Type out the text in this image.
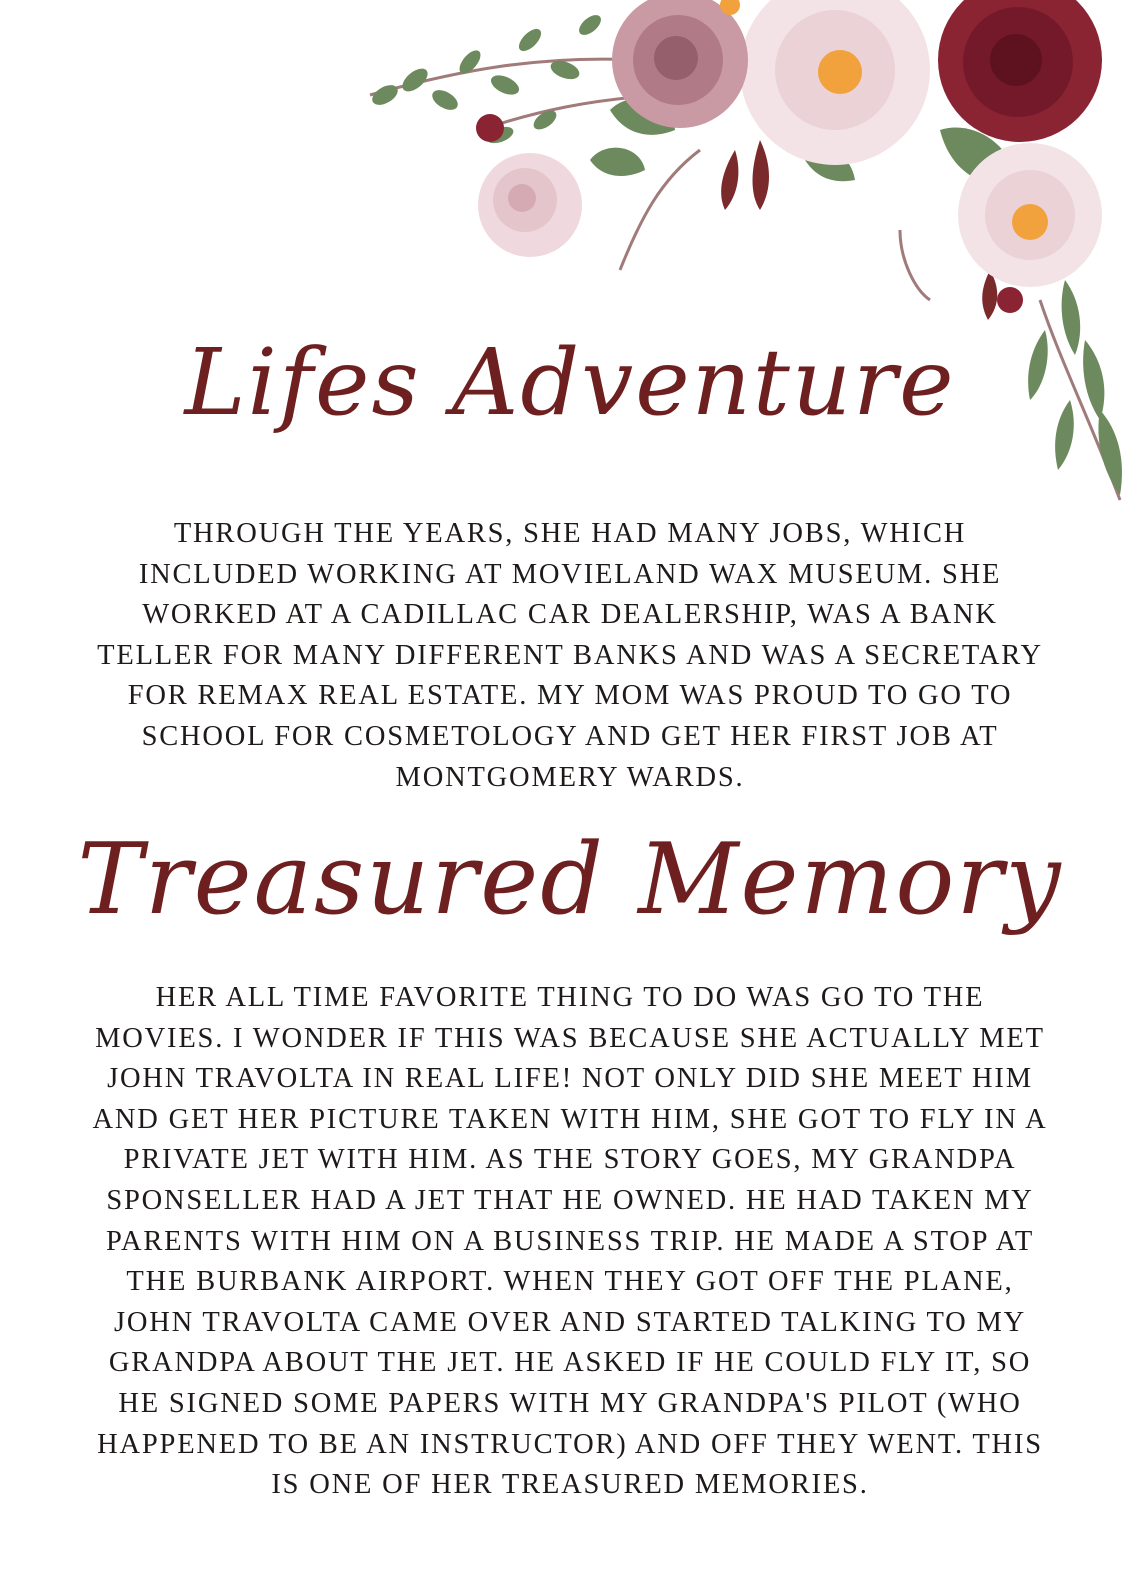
Lifes Adventure

THROUGH THE YEARS, SHE HAD MANY JOBS, WHICH INCLUDED WORKING AT MOVIELAND WAX MUSEUM. SHE WORKED AT A CADILLAC CAR DEALERSHIP, WAS A BANK TELLER FOR MANY DIFFERENT BANKS AND WAS A SECRETARY FOR REMAX REAL ESTATE. MY MOM WAS PROUD TO GO TO SCHOOL FOR COSMETOLOGY AND GET HER FIRST JOB AT MONTGOMERY WARDS.

Treasured Memory

HER ALL TIME FAVORITE THING TO DO WAS GO TO THE MOVIES. I WONDER IF THIS WAS BECAUSE SHE ACTUALLY MET JOHN TRAVOLTA IN REAL LIFE! NOT ONLY DID SHE MEET HIM AND GET HER PICTURE TAKEN WITH HIM, SHE GOT TO FLY IN A PRIVATE JET WITH HIM. AS THE STORY GOES, MY GRANDPA SPONSELLER HAD A JET THAT HE OWNED. HE HAD TAKEN MY PARENTS WITH HIM ON A BUSINESS TRIP. HE MADE A STOP AT THE BURBANK AIRPORT. WHEN THEY GOT OFF THE PLANE, JOHN TRAVOLTA CAME OVER AND STARTED TALKING TO MY GRANDPA ABOUT THE JET. HE ASKED IF HE COULD FLY IT, SO HE SIGNED SOME PAPERS WITH MY GRANDPA'S PILOT (WHO HAPPENED TO BE AN INSTRUCTOR) AND OFF THEY WENT. THIS IS ONE OF HER TREASURED MEMORIES.
